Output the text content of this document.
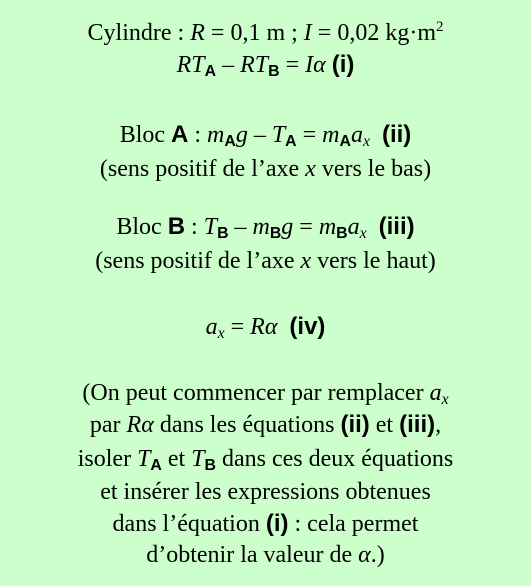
Cylindre : R = 0,1 m ; I = 0,02 $kg\cdot m^2$
$RT_A - RT_B = I\alpha$ (i)
Bloc A : $m_Ag - T_A = m_Aa_x$ (ii)
(sens positif de l’axe x vers le bas)
Bloc B : $T_B - m_Bg = m_Ba_x$ (iii)
(sens positif de l’axe x vers le haut)
$a_x = R\alpha$ (iv)
(On peut commencer par remplacer $a_x$
par Rα dans les équations (ii) et (iii),
isoler $T_A$ et $T_B$ dans ces deux équations
et insérer les expressions obtenues
dans l’équation (i) : cela permet
d’obtenir la valeur de α.)
